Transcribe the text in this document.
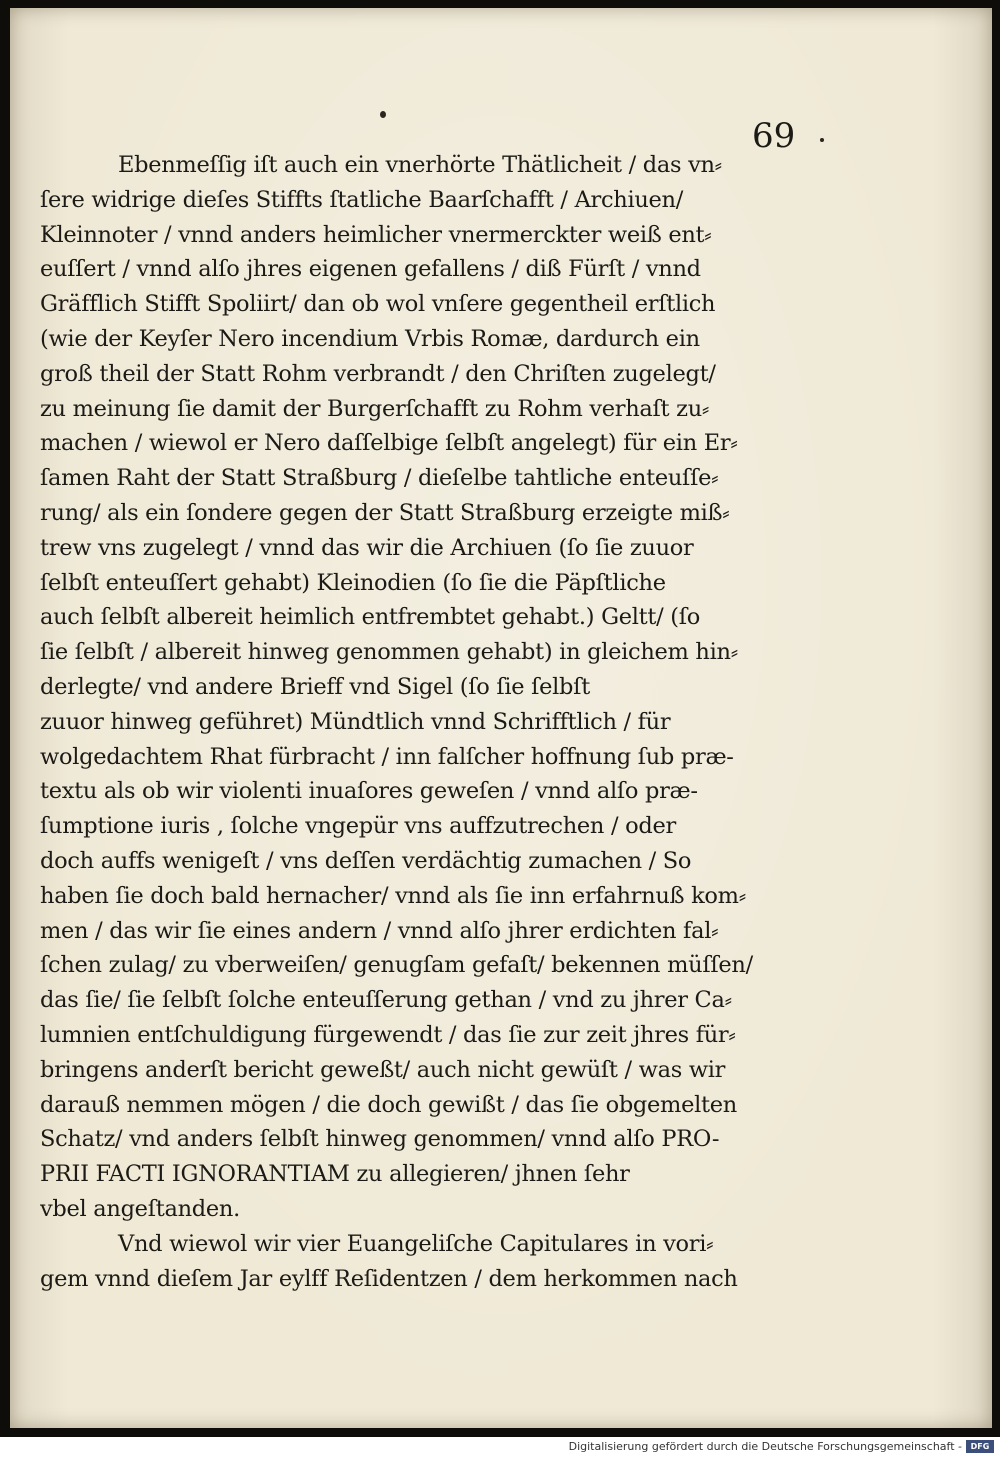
69
Ebenmeſſig iſt auch ein vnerhörte Thätlicheit / das vn⸗
ſere widrige dieſes Stiffts ſtatliche Baarſchafft / Archiuen/
Kleinnoter / vnnd anders heimlicher vnermerckter weiß ent⸗
euſſert / vnnd alſo jhres eigenen gefallens / diß Fürſt / vnnd
Gräfflich Stifft Spoliirt/ dan ob wol vnſere gegentheil erſtlich
(wie der Keyſer Nero incendium Vrbis Romæ, dardurch ein
groß theil der Statt Rohm verbrandt / den Chriſten zugelegt/
zu meinung ſie damit der Burgerſchafft zu Rohm verhaſt zu⸗
machen / wiewol er Nero daſſelbige ſelbſt angelegt) für ein Er⸗
ſamen Raht der Statt Straßburg / dieſelbe tahtliche enteuſſe⸗
rung/ als ein ſondere gegen der Statt Straßburg erzeigte miß⸗
trew vns zugelegt / vnnd das wir die Archiuen (ſo ſie zuuor
ſelbſt enteuſſert gehabt) Kleinodien (ſo ſie die Päpſtliche
auch ſelbſt albereit heimlich entfrembtet gehabt.) Geltt/ (ſo
ſie ſelbſt / albereit hinweg genommen gehabt) in gleichem hin⸗
derlegte/ vnd andere Brieff vnd Sigel (ſo ſie ſelbſt
zuuor hinweg geführet) Mündtlich vnnd Schrifftlich / für
wolgedachtem Rhat fürbracht / inn falſcher hoffnung ſub præ-
textu als ob wir violenti inuaſores geweſen / vnnd alſo præ-
ſumptione iuris , ſolche vngepür vns auffzutrechen / oder
doch auffs wenigeſt / vns deſſen verdächtig zumachen / So
haben ſie doch bald hernacher/ vnnd als ſie inn erfahrnuß kom⸗
men / das wir ſie eines andern / vnnd alſo jhrer erdichten fal⸗
ſchen zulag/ zu vberweiſen/ genugſam gefaſt/ bekennen müſſen/
das ſie/ ſie ſelbſt ſolche enteuſſerung gethan / vnd zu jhrer Ca⸗
lumnien entſchuldigung fürgewendt / das ſie zur zeit jhres für⸗
bringens anderſt bericht geweßt/ auch nicht gewüſt / was wir
darauß nemmen mögen / die doch gewißt / das ſie obgemelten
Schatz/ vnd anders ſelbſt hinweg genommen/ vnnd alſo PRO-
PRII FACTI IGNORANTIAM zu allegieren/ jhnen ſehr
vbel angeſtanden.
Vnd wiewol wir vier Euangeliſche Capitulares in vori⸗
gem vnnd dieſem Jar eylff Reſidentzen / dem herkommen nach
Digitalisierung gefördert durch die Deutsche Forschungsgemeinschaft -	DFG
